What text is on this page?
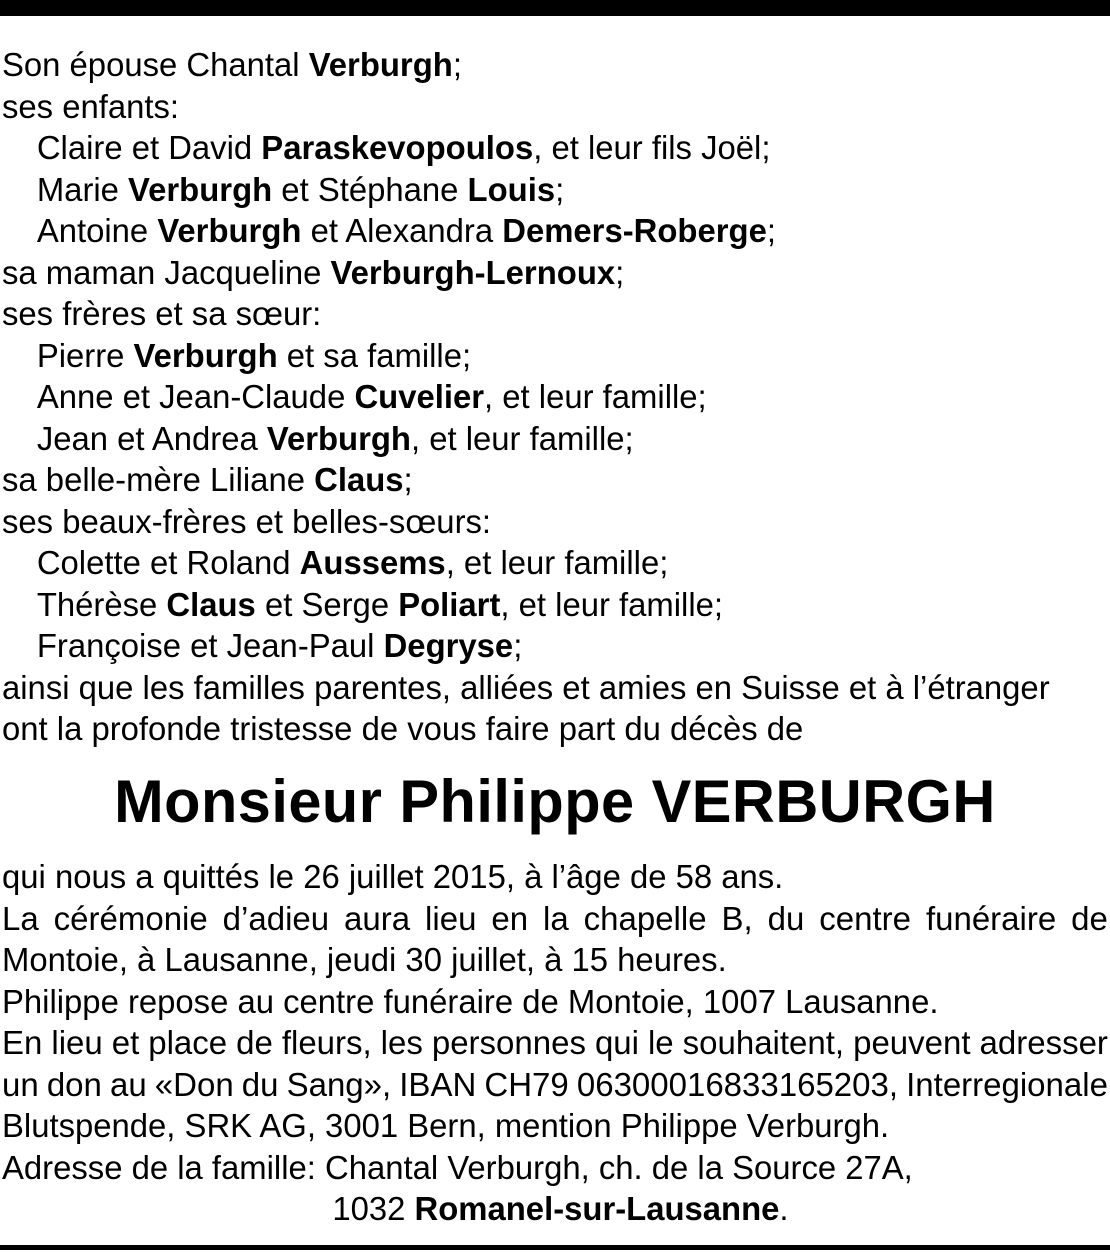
Son épouse Chantal Verburgh;
ses enfants:
Claire et David Paraskevopoulos, et leur fils Joël;
Marie Verburgh et Stéphane Louis;
Antoine Verburgh et Alexandra Demers-Roberge;
sa maman Jacqueline Verburgh-Lernoux;
ses frères et sa sœur:
Pierre Verburgh et sa famille;
Anne et Jean-Claude Cuvelier, et leur famille;
Jean et Andrea Verburgh, et leur famille;
sa belle-mère Liliane Claus;
ses beaux-frères et belles-sœurs:
Colette et Roland Aussems, et leur famille;
Thérèse Claus et Serge Poliart, et leur famille;
Françoise et Jean-Paul Degryse;
ainsi que les familles parentes, alliées et amies en Suisse et à l’étranger
ont la profonde tristesse de vous faire part du décès de
Monsieur Philippe VERBURGH
qui nous a quittés le 26 juillet 2015, à l’âge de 58 ans.
La cérémonie d’adieu aura lieu en la chapelle B, du centre funéraire de
Montoie, à Lausanne, jeudi 30 juillet, à 15 heures.
Philippe repose au centre funéraire de Montoie, 1007 Lausanne.
En lieu et place de fleurs, les personnes qui le souhaitent, peuvent adresser
un don au «Don du Sang», IBAN CH79 06300016833165203, Interregionale
Blutspende, SRK AG, 3001 Bern, mention Philippe Verburgh.
Adresse de la famille: Chantal Verburgh, ch. de la Source 27A,
1032 Romanel-sur-Lausanne.
